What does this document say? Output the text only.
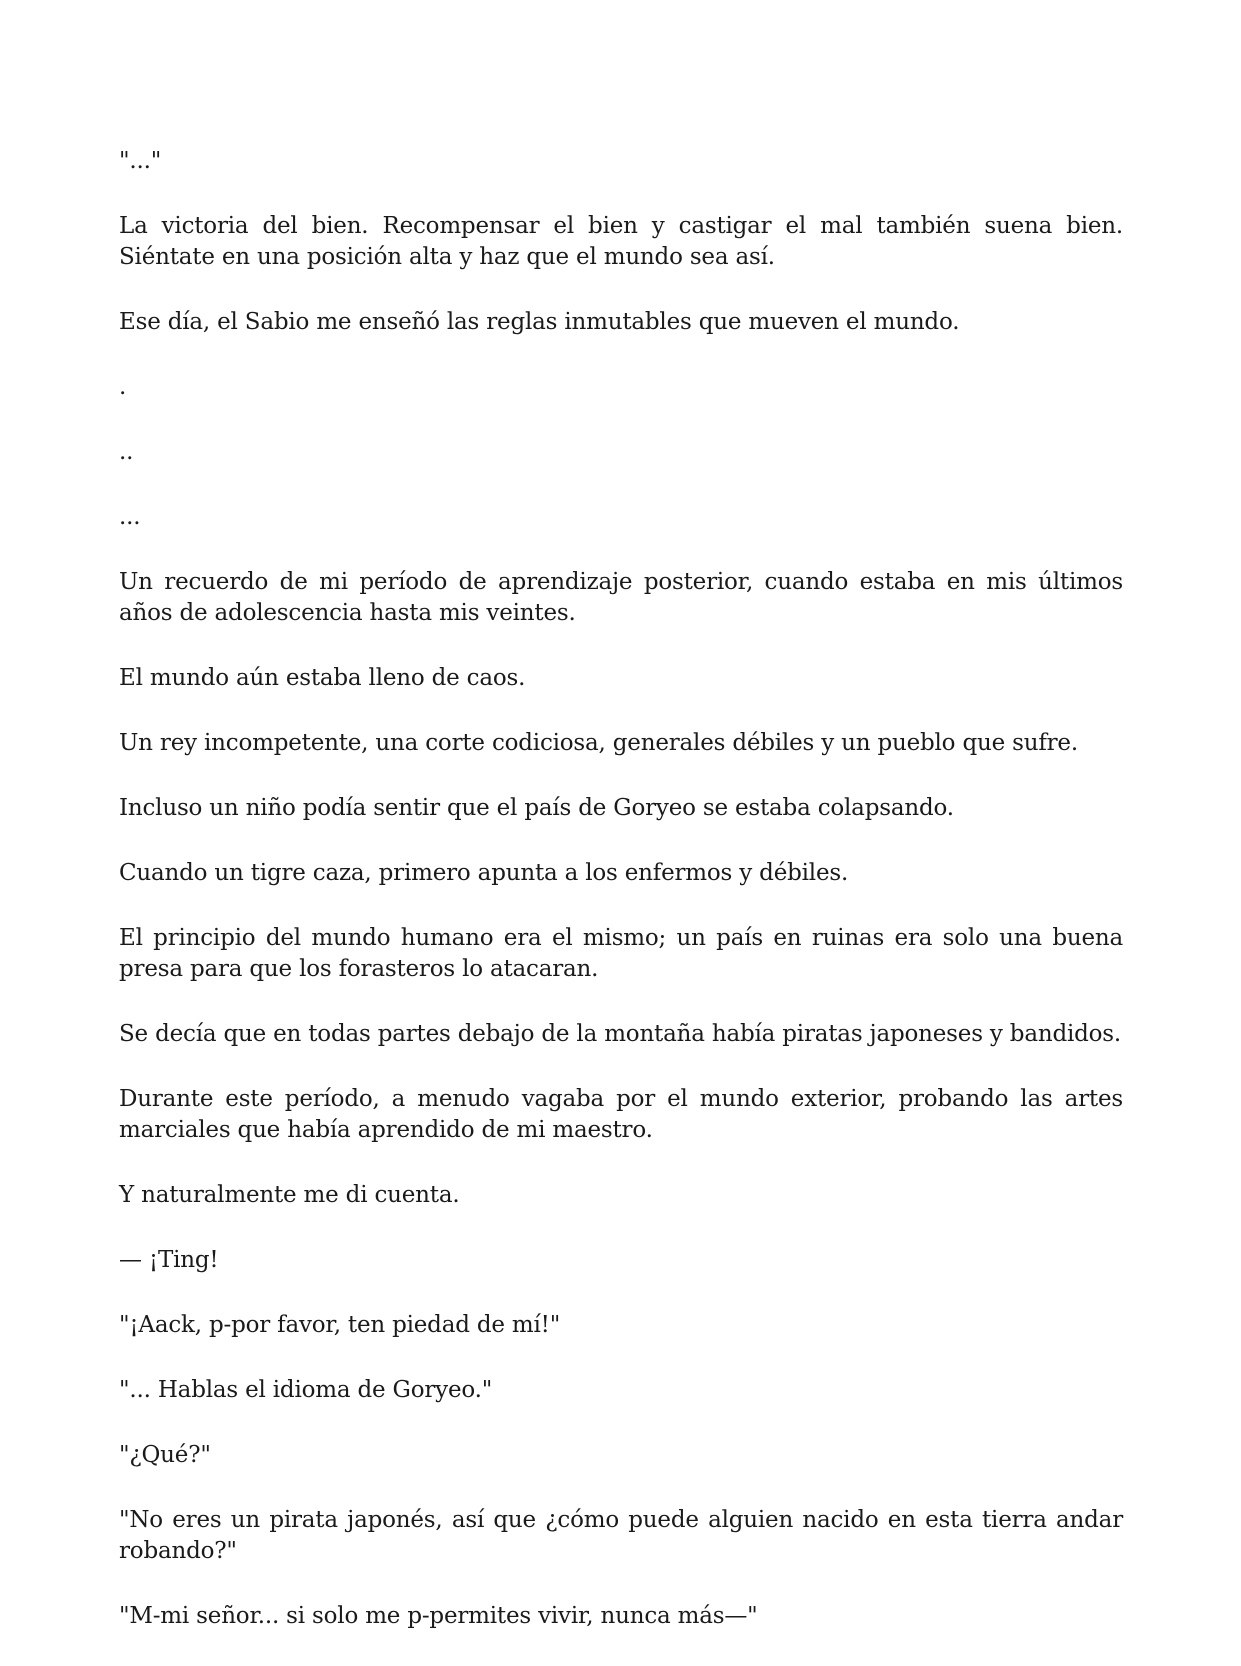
"..."

La victoria del bien. Recompensar el bien y castigar el mal también suena bien. Siéntate en una posición alta y haz que el mundo sea así.

Ese día, el Sabio me enseñó las reglas inmutables que mueven el mundo.

.

..

...

Un recuerdo de mi período de aprendizaje posterior, cuando estaba en mis últimos años de adolescencia hasta mis veintes.

El mundo aún estaba lleno de caos.

Un rey incompetente, una corte codiciosa, generales débiles y un pueblo que sufre.

Incluso un niño podía sentir que el país de Goryeo se estaba colapsando.

Cuando un tigre caza, primero apunta a los enfermos y débiles.

El principio del mundo humano era el mismo; un país en ruinas era solo una buena presa para que los forasteros lo atacaran.

Se decía que en todas partes debajo de la montaña había piratas japoneses y bandidos.

Durante este período, a menudo vagaba por el mundo exterior, probando las artes marciales que había aprendido de mi maestro.

Y naturalmente me di cuenta.

— ¡Ting!

"¡Aack, p-por favor, ten piedad de mí!"

"... Hablas el idioma de Goryeo."

"¿Qué?"

"No eres un pirata japonés, así que ¿cómo puede alguien nacido en esta tierra andar robando?"

"M-mi señor... si solo me p-permites vivir, nunca más—"
